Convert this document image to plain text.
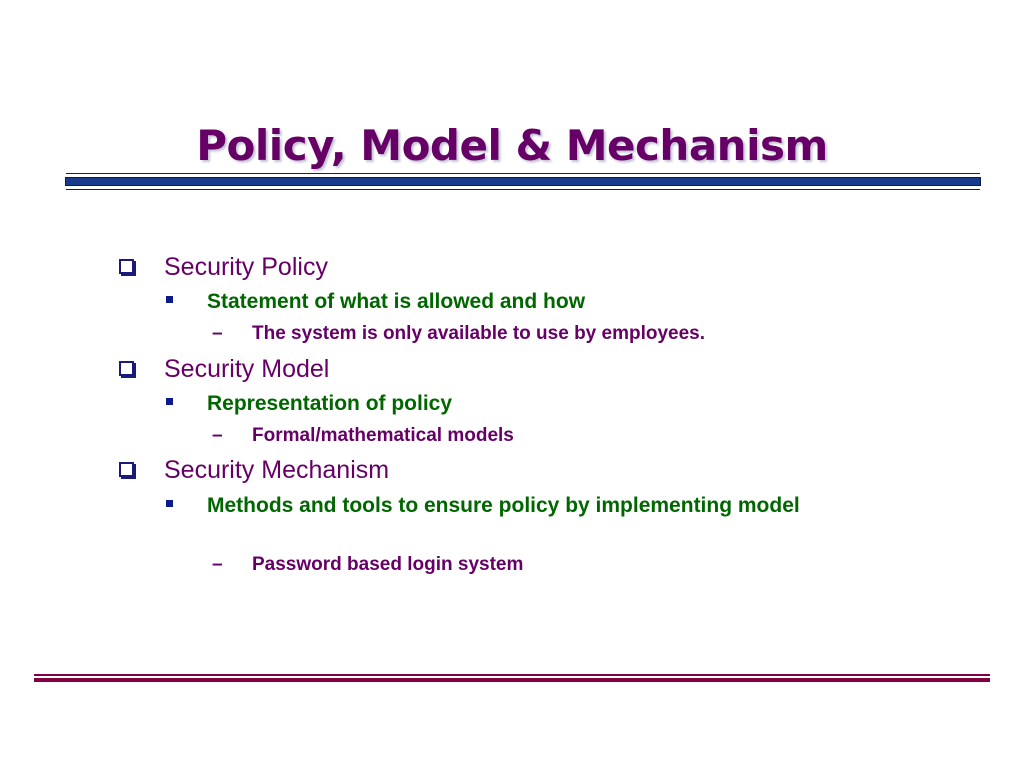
Policy, Model & Mechanism
Security Policy
Statement of what is allowed and how
– The system is only available to use by employees.
Security Model
Representation of policy
– Formal/mathematical models
Security Mechanism
Methods and tools to ensure policy by implementing model
– Password based login system
